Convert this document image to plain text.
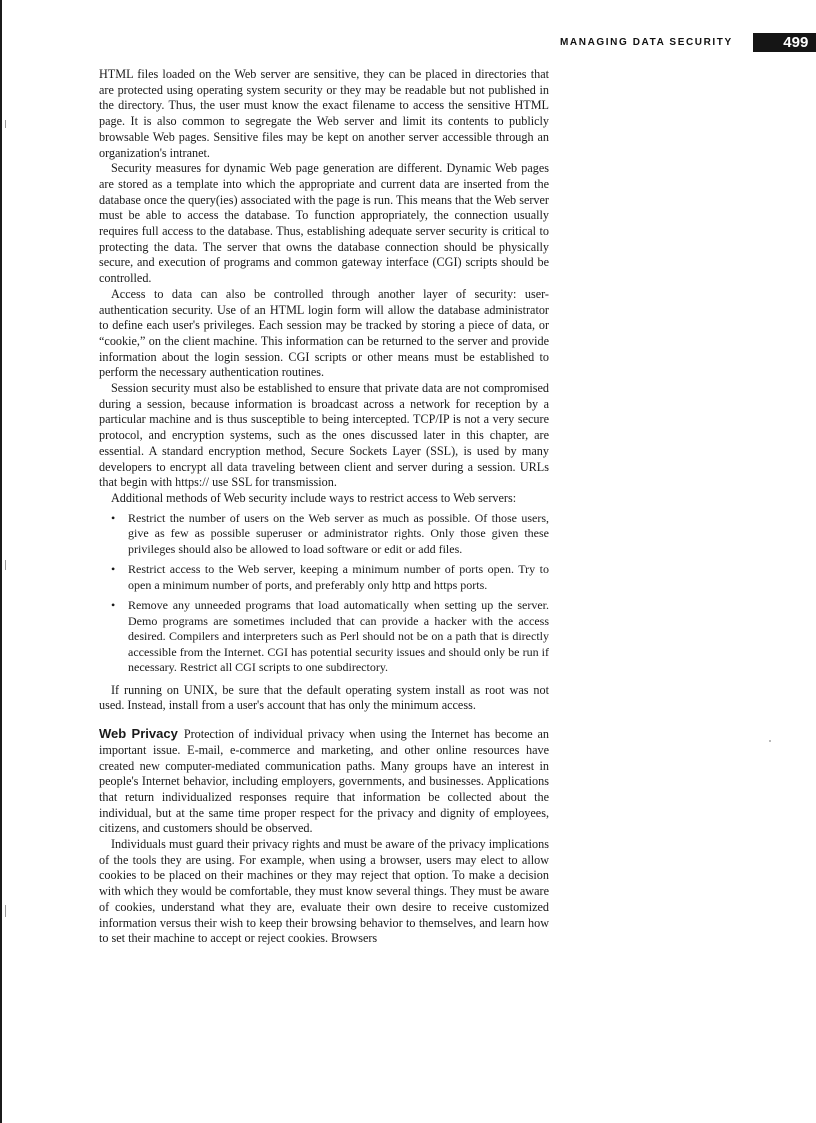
MANAGING DATA SECURITY	499

HTML files loaded on the Web server are sensitive, they can be placed in directories that are protected using operating system security or they may be readable but not published in the directory. Thus, the user must know the exact filename to access the sensitive HTML page. It is also common to segregate the Web server and limit its contents to publicly browsable Web pages. Sensitive files may be kept on another server accessible through an organization's intranet.

Security measures for dynamic Web page generation are different. Dynamic Web pages are stored as a template into which the appropriate and current data are inserted from the database once the query(ies) associated with the page is run. This means that the Web server must be able to access the database. To function appropriately, the connection usually requires full access to the database. Thus, establishing adequate server security is critical to protecting the data. The server that owns the database connection should be physically secure, and execution of programs and common gateway interface (CGI) scripts should be controlled.

Access to data can also be controlled through another layer of security: user-authentication security. Use of an HTML login form will allow the database administrator to define each user's privileges. Each session may be tracked by storing a piece of data, or “cookie,” on the client machine. This information can be returned to the server and provide information about the login session. CGI scripts or other means must be established to perform the necessary authentication routines.

Session security must also be established to ensure that private data are not compromised during a session, because information is broadcast across a network for reception by a particular machine and is thus susceptible to being intercepted. TCP/IP is not a very secure protocol, and encryption systems, such as the ones discussed later in this chapter, are essential. A standard encryption method, Secure Sockets Layer (SSL), is used by many developers to encrypt all data traveling between client and server during a session. URLs that begin with https:// use SSL for transmission.

Additional methods of Web security include ways to restrict access to Web servers:

• Restrict the number of users on the Web server as much as possible. Of those users, give as few as possible superuser or administrator rights. Only those given these privileges should also be allowed to load software or edit or add files.
• Restrict access to the Web server, keeping a minimum number of ports open. Try to open a minimum number of ports, and preferably only http and https ports.
• Remove any unneeded programs that load automatically when setting up the server. Demo programs are sometimes included that can provide a hacker with the access desired. Compilers and interpreters such as Perl should not be on a path that is directly accessible from the Internet. CGI has potential security issues and should only be run if necessary. Restrict all CGI scripts to one subdirectory.

If running on UNIX, be sure that the default operating system install as root was not used. Instead, install from a user's account that has only the minimum access.

Web Privacy Protection of individual privacy when using the Internet has become an important issue. E-mail, e-commerce and marketing, and other online resources have created new computer-mediated communication paths. Many groups have an interest in people's Internet behavior, including employers, governments, and businesses. Applications that return individualized responses require that information be collected about the individual, but at the same time proper respect for the privacy and dignity of employees, citizens, and customers should be observed.

Individuals must guard their privacy rights and must be aware of the privacy implications of the tools they are using. For example, when using a browser, users may elect to allow cookies to be placed on their machines or they may reject that option. To make a decision with which they would be comfortable, they must know several things. They must be aware of cookies, understand what they are, evaluate their own desire to receive customized information versus their wish to keep their browsing behavior to themselves, and learn how to set their machine to accept or reject cookies. Browsers
